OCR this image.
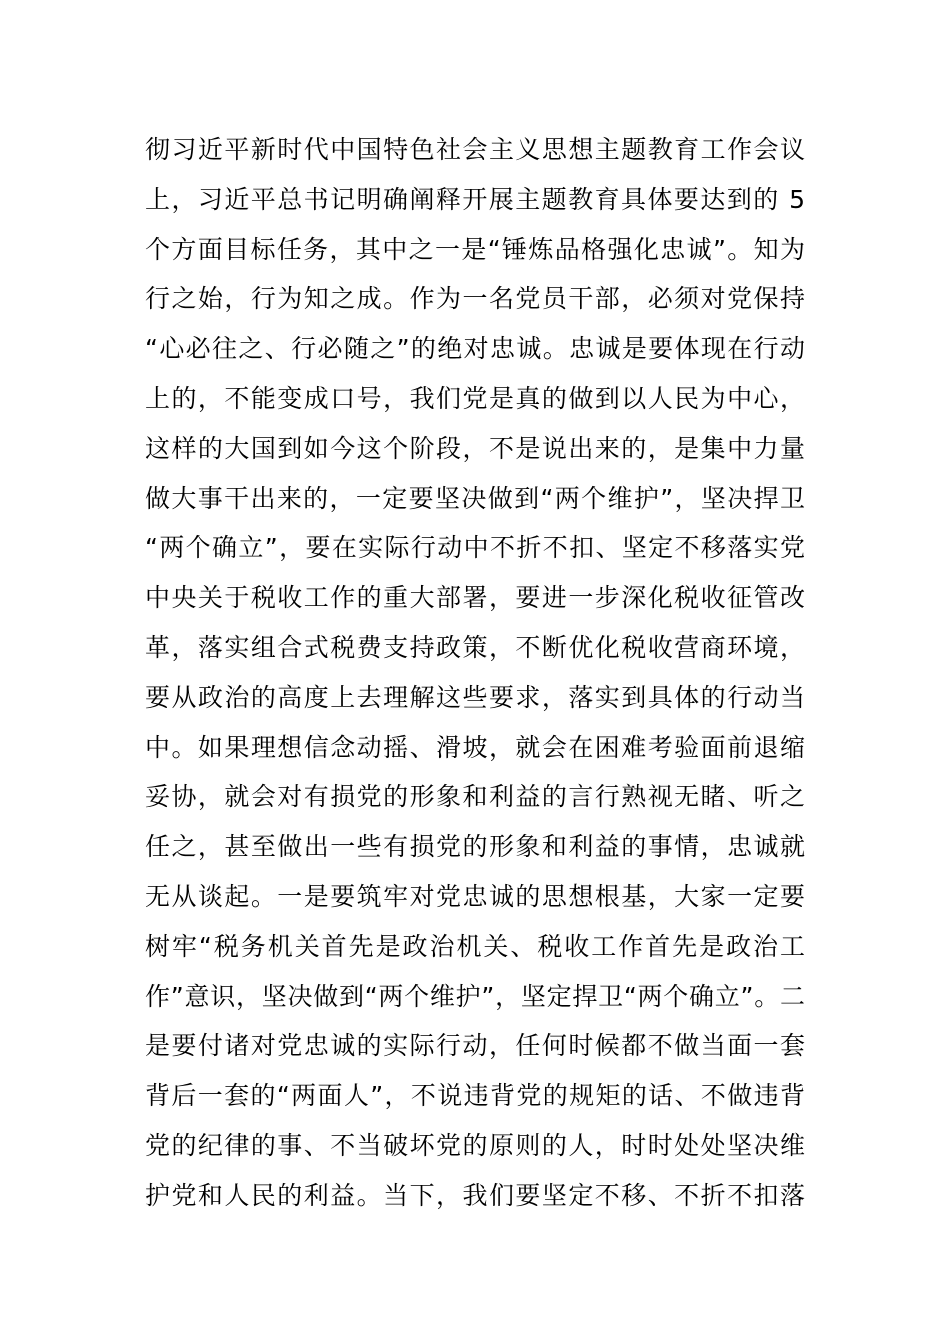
彻习近平新时代中国特色社会主义思想主题教育工作会议
上，习近平总书记明确阐释开展主题教育具体要达到的 5
个方面目标任务，其中之一是“锤炼品格强化忠诚”。知为
行之始，行为知之成。作为一名党员干部，必须对党保持
“心必往之、行必随之”的绝对忠诚。忠诚是要体现在行动
上的，不能变成口号，我们党是真的做到以人民为中心，
这样的大国到如今这个阶段，不是说出来的，是集中力量
做大事干出来的，一定要坚决做到“两个维护”，坚决捍卫
“两个确立”，要在实际行动中不折不扣、坚定不移落实党
中央关于税收工作的重大部署，要进一步深化税收征管改
革，落实组合式税费支持政策，不断优化税收营商环境，
要从政治的高度上去理解这些要求，落实到具体的行动当
中。如果理想信念动摇、滑坡，就会在困难考验面前退缩
妥协，就会对有损党的形象和利益的言行熟视无睹、听之
任之，甚至做出一些有损党的形象和利益的事情，忠诚就
无从谈起。一是要筑牢对党忠诚的思想根基，大家一定要
树牢“税务机关首先是政治机关、税收工作首先是政治工
作”意识，坚决做到“两个维护”，坚定捍卫“两个确立”。二
是要付诸对党忠诚的实际行动，任何时候都不做当面一套
背后一套的“两面人”，不说违背党的规矩的话、不做违背
党的纪律的事、不当破坏党的原则的人，时时处处坚决维
护党和人民的利益。当下，我们要坚定不移、不折不扣落
